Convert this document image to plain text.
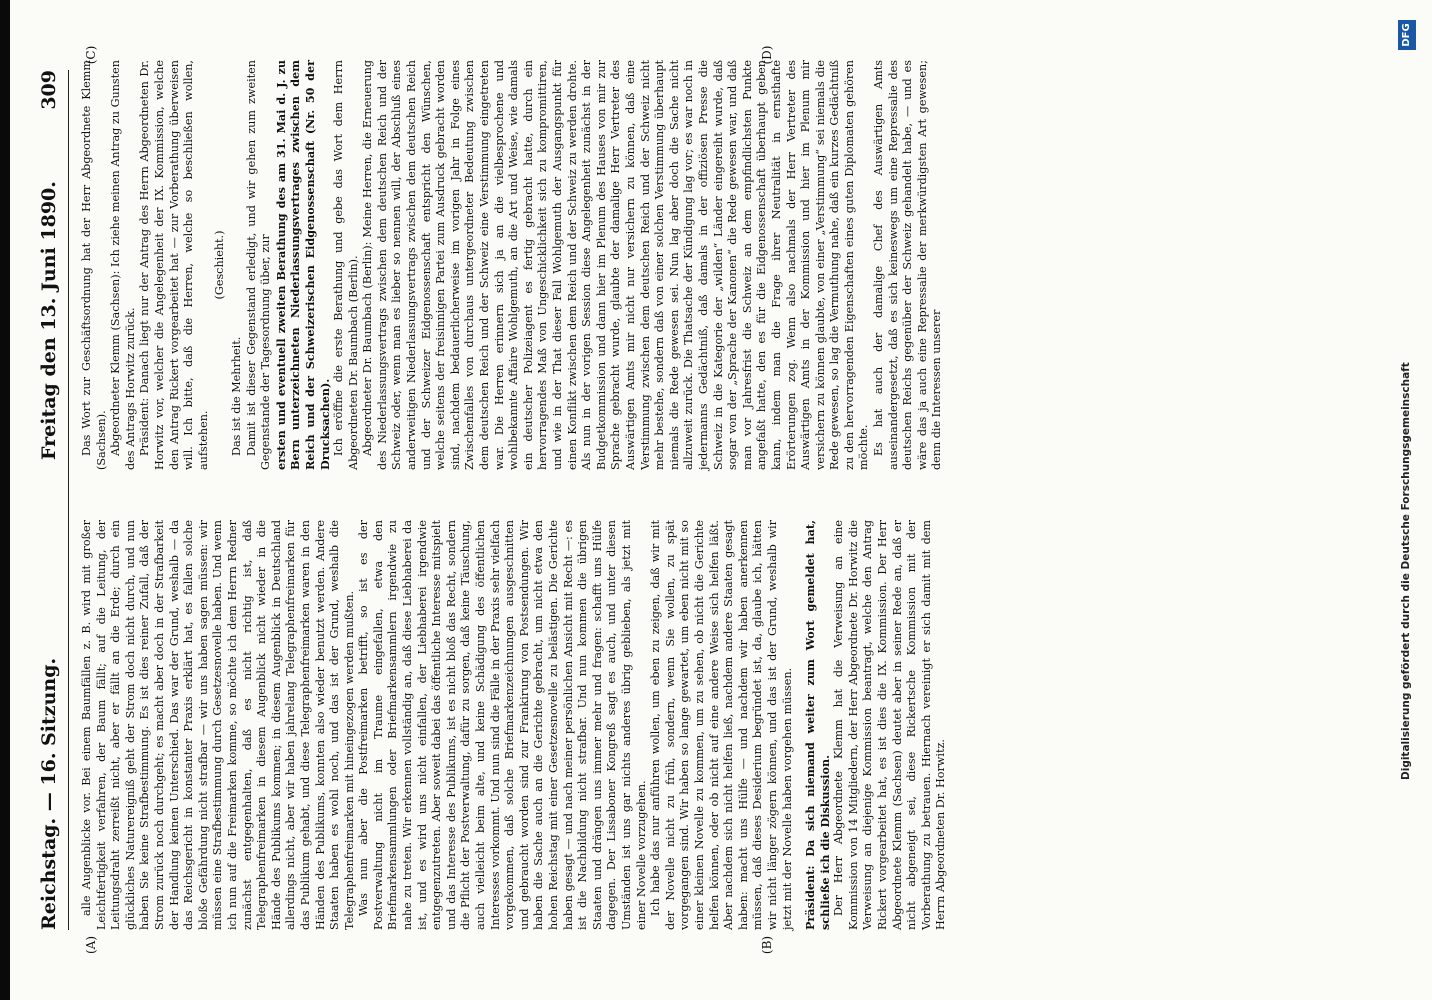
Reichstag. — 16. Sitzung.
Freitag den 13. Juni 1890.
309
(A)	(B)
(C)	(D)

alle Augenblicke vor. Bei einem Baumfällen z. B. wird mit großer Leichtfertigkeit verfahren, der Baum fällt; auf die Leitung, der Leitungsdraht zerreißt nicht, aber er fällt an die Erde; durch ein glückliches Naturereigniß geht der Strom doch nicht durch, und nun haben Sie keine Strafbestimmung. Es ist dies reiner Zufall, daß der Strom zurück noch durchgeht; es macht aber doch in der Strafbarkeit der Handlung keinen Unterschied. Das war der Grund, weshalb — da das Reichsgericht in konstanter Praxis erklärt hat, es fallen solche bloße Gefährdung nicht strafbar — wir uns haben sagen müssen: wir müssen eine Strafbestimmung durch Gesetzesnovelle haben. Und wenn ich nun auf die Freimarken komme, so möchte ich dem Herrn Redner zunächst entgegenhalten, daß es nicht richtig ist, daß Telegraphenfreimarken in diesem Augenblick nicht wieder in die Hände des Publikums kommen; in diesem Augenblick in Deutschland allerdings nicht, aber wir haben jahrelang Telegraphenfreimarken für das Publikum gehabt, und diese Telegraphenfreimarken waren in den Händen des Publikums, konnten also wieder benutzt werden. Andere Staaten haben es wohl noch, und das ist der Grund, weshalb die Telegraphenfreimarken mit hineingezogen werden mußten. Was nun aber die Postfreimarken betrifft, so ist es der Postverwaltung nicht im Traume eingefallen, etwa den Briefmarkensammlungen oder Briefmarkensammlern irgendwie zu nahe zu treten. Wir erkennen vollständig an, daß diese Liebhaberei da ist, und es wird uns nicht einfallen, der Liebhaberei irgendwie entgegenzutreten. Aber soweit dabei das öffentliche Interesse mitspielt und das Interesse des Publikums, ist es nicht bloß das Recht, sondern die Pflicht der Postverwaltung, dafür zu sorgen, daß keine Täuschung, auch vielleicht beim alte, und keine Schädigung des öffentlichen Interesses vorkommt. Und nun sind die Fälle in der Praxis sehr vielfach vorgekommen, daß solche Briefmarkenzeichnungen ausgeschnitten und gebraucht worden sind zur Frankirung von Postsendungen. Wir haben die Sache auch an die Gerichte gebracht, um nicht etwa den hohen Reichstag mit einer Gesetzesnovelle zu belästigen. Die Gerichte haben gesagt — und nach meiner persönlichen Ansicht mit Recht —: es ist die Nachbildung nicht strafbar. Und nun kommen die übrigen Staaten und drängen uns immer mehr und fragen: schafft uns Hülfe dagegen. Der Lissaboner Kongreß sagt es auch, und unter diesen Umständen ist uns gar nichts anderes übrig geblieben, als jetzt mit einer Novelle vorzugehen. Ich habe das nur anführen wollen, um eben zu zeigen, daß wir mit der Novelle nicht zu früh, sondern, wenn Sie wollen, zu spät vorgegangen sind. Wir haben so lange gewartet, um eben nicht mit so einer kleinen Novelle zu kommen, um zu sehen, ob nicht die Gerichte helfen können, oder ob nicht auf eine andere Weise sich helfen läßt. Aber nachdem sich nicht helfen ließ, nachdem andere Staaten gesagt haben: macht uns Hülfe — und nachdem wir haben anerkennen müssen, daß dieses Desiderium begründet ist, da, glaube ich, hätten wir nicht länger zögern können, und das ist der Grund, weshalb wir jetzt mit der Novelle haben vorgehen müssen. Präsident: Da sich niemand weiter zum Wort gemeldet hat, schließe ich die Diskussion. Der Herr Abgeordnete Klemm hat die Verweisung an eine Kommission von 14 Mitgliedern, der Herr Abgeordnete Dr. Horwitz die Verweisung an diejenige Kommission beantragt, welche den Antrag Rickert vorgearbeitet hat, es ist dies die IX. Kommission. Der Herr Abgeordnete Klemm (Sachsen) deutet aber in seiner Rede an, daß er nicht abgeneigt sei, diese Rickertsche Kommission mit der Vorberathung zu betrauen. Hiernach vereinigt er sich damit mit dem Herrn Abgeordneten Dr. Horwitz.

Das Wort zur Geschäftsordnung hat der Herr Abgeordnete Klemm (Sachsen). Abgeordneter Klemm (Sachsen): Ich ziehe meinen Antrag zu Gunsten des Antrags Horwitz zurück. Präsident: Danach liegt nur der Antrag des Herrn Abgeordneten Dr. Horwitz vor, welcher die Angelegenheit der IX. Kommission, welche den Antrag Rickert vorgearbeitet hat — zur Vorberathung überweisen will. Ich bitte, daß die Herren, welche so beschließen wollen, aufstehen.

(Geschieht.)

Das ist die Mehrheit. Damit ist dieser Gegenstand erledigt, und wir gehen zum zweiten Gegenstande der Tagesordnung über, zur ersten und eventuell zweiten Berathung des am 31. Mai d. J. zu Bern unterzeichneten Niederlassungsvertrages zwischen dem Reich und der Schweizerischen Eidgenossenschaft (Nr. 50 der Drucksachen). Ich eröffne die erste Berathung und gebe das Wort dem Herrn Abgeordneten Dr. Baumbach (Berlin). Abgeordneter Dr. Baumbach (Berlin): Meine Herren, die Erneuerung des Niederlassungsvertrags zwischen dem deutschen Reich und der Schweiz oder, wenn man es lieber so nennen will, der Abschluß eines anderweitigen Niederlassungsvertrags zwischen dem deutschen Reich und der Schweizer Eidgenossenschaft entspricht den Wünschen, welche seitens der freisinnigen Partei zum Ausdruck gebracht worden sind, nachdem bedauerlicherweise im vorigen Jahr in Folge eines Zwischenfalles von durchaus untergeordneter Bedeutung zwischen dem deutschen Reich und der Schweiz eine Verstimmung eingetreten war. Die Herren erinnern sich ja an die vielbesprochene und wohlbekannte Affaire Wohlgemuth, an die Art und Weise, wie damals ein deutscher Polizeiagent es fertig gebracht hatte, durch ein hervorragendes Maß von Ungeschicklichkeit sich zu kompromittiren, und wie in der That dieser Fall Wohlgemuth der Ausgangspunkt für einen Konflikt zwischen dem Reich und der Schweiz zu werden drohte. Als nun in der vorigen Session diese Angelegenheit zunächst in der Budgetkommission und dann hier im Plenum des Hauses von mir zur Sprache gebracht wurde, glaubte der damalige Herr Vertreter des Auswärtigen Amts mir nicht nur versichern zu können, daß eine Verstimmung zwischen dem deutschen Reich und der Schweiz nicht mehr bestehe, sondern daß von einer solchen Verstimmung überhaupt niemals die Rede gewesen sei. Nun lag aber doch die Sache nicht allzuweit zurück. Die Thatsache der Kündigung lag vor; es war noch in jedermanns Gedächtniß, daß damals in der offiziösen Presse die Schweiz in die Kategorie der „wilden“ Länder eingereiht wurde, daß sogar von der „Sprache der Kanonen“ die Rede gewesen war, und daß man vor Jahresfrist die Schweiz an dem empfindlichsten Punkte angefaßt hatte, den es für die Eidgenossenschaft überhaupt geben kann, indem man die Frage ihrer Neutralität in ernsthafte Erörterungen zog. Wenn also nachmals der Herr Vertreter des Auswärtigen Amts in der Kommission und hier im Plenum mir versichern zu können glaubte, von einer „Verstimmung“ sei niemals die Rede gewesen, so lag die Vermuthung nahe, daß ein kurzes Gedächtniß zu den hervorragenden Eigenschaften eines guten Diplomaten gehören möchte. Es hat auch der damalige Chef des Auswärtigen Amts auseinandergesetzt, daß es sich keineswegs um eine Repressalie des deutschen Reichs gegenüber der Schweiz gehandelt habe, — und es wäre das ja auch eine Repressalie der merkwürdigsten Art gewesen; denn die Interessen unserer	Digitalisierung gefördert durch die Deutsche Forschungsgemeinschaft
DFG
